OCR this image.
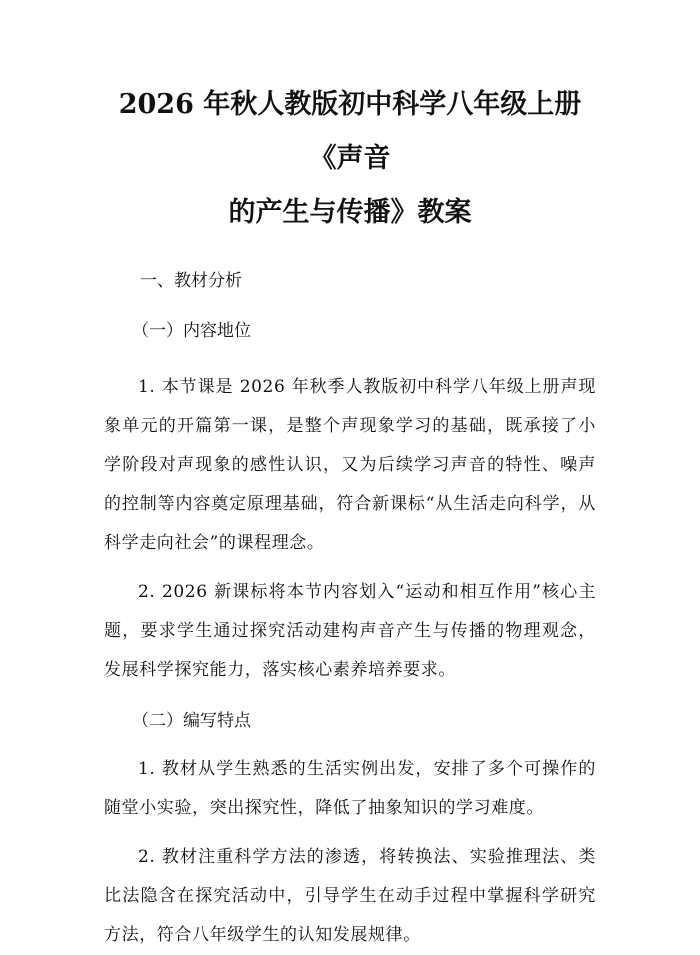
2026 年秋人教版初中科学八年级上册《声音
的产生与传播》教案

一、教材分析

（一）内容地位

1. 本节课是 2026 年秋季人教版初中科学八年级上册声现象单元的开篇第一课，是整个声现象学习的基础，既承接了小学阶段对声现象的感性认识，又为后续学习声音的特性、噪声的控制等内容奠定原理基础，符合新课标“从生活走向科学，从科学走向社会”的课程理念。

2. 2026 新课标将本节内容划入“运动和相互作用”核心主题，要求学生通过探究活动建构声音产生与传播的物理观念，发展科学探究能力，落实核心素养培养要求。

（二）编写特点

1. 教材从学生熟悉的生活实例出发，安排了多个可操作的随堂小实验，突出探究性，降低了抽象知识的学习难度。

2. 教材注重科学方法的渗透，将转换法、实验推理法、类比法隐含在探究活动中，引导学生在动手过程中掌握科学研究方法，符合八年级学生的认知发展规律。
